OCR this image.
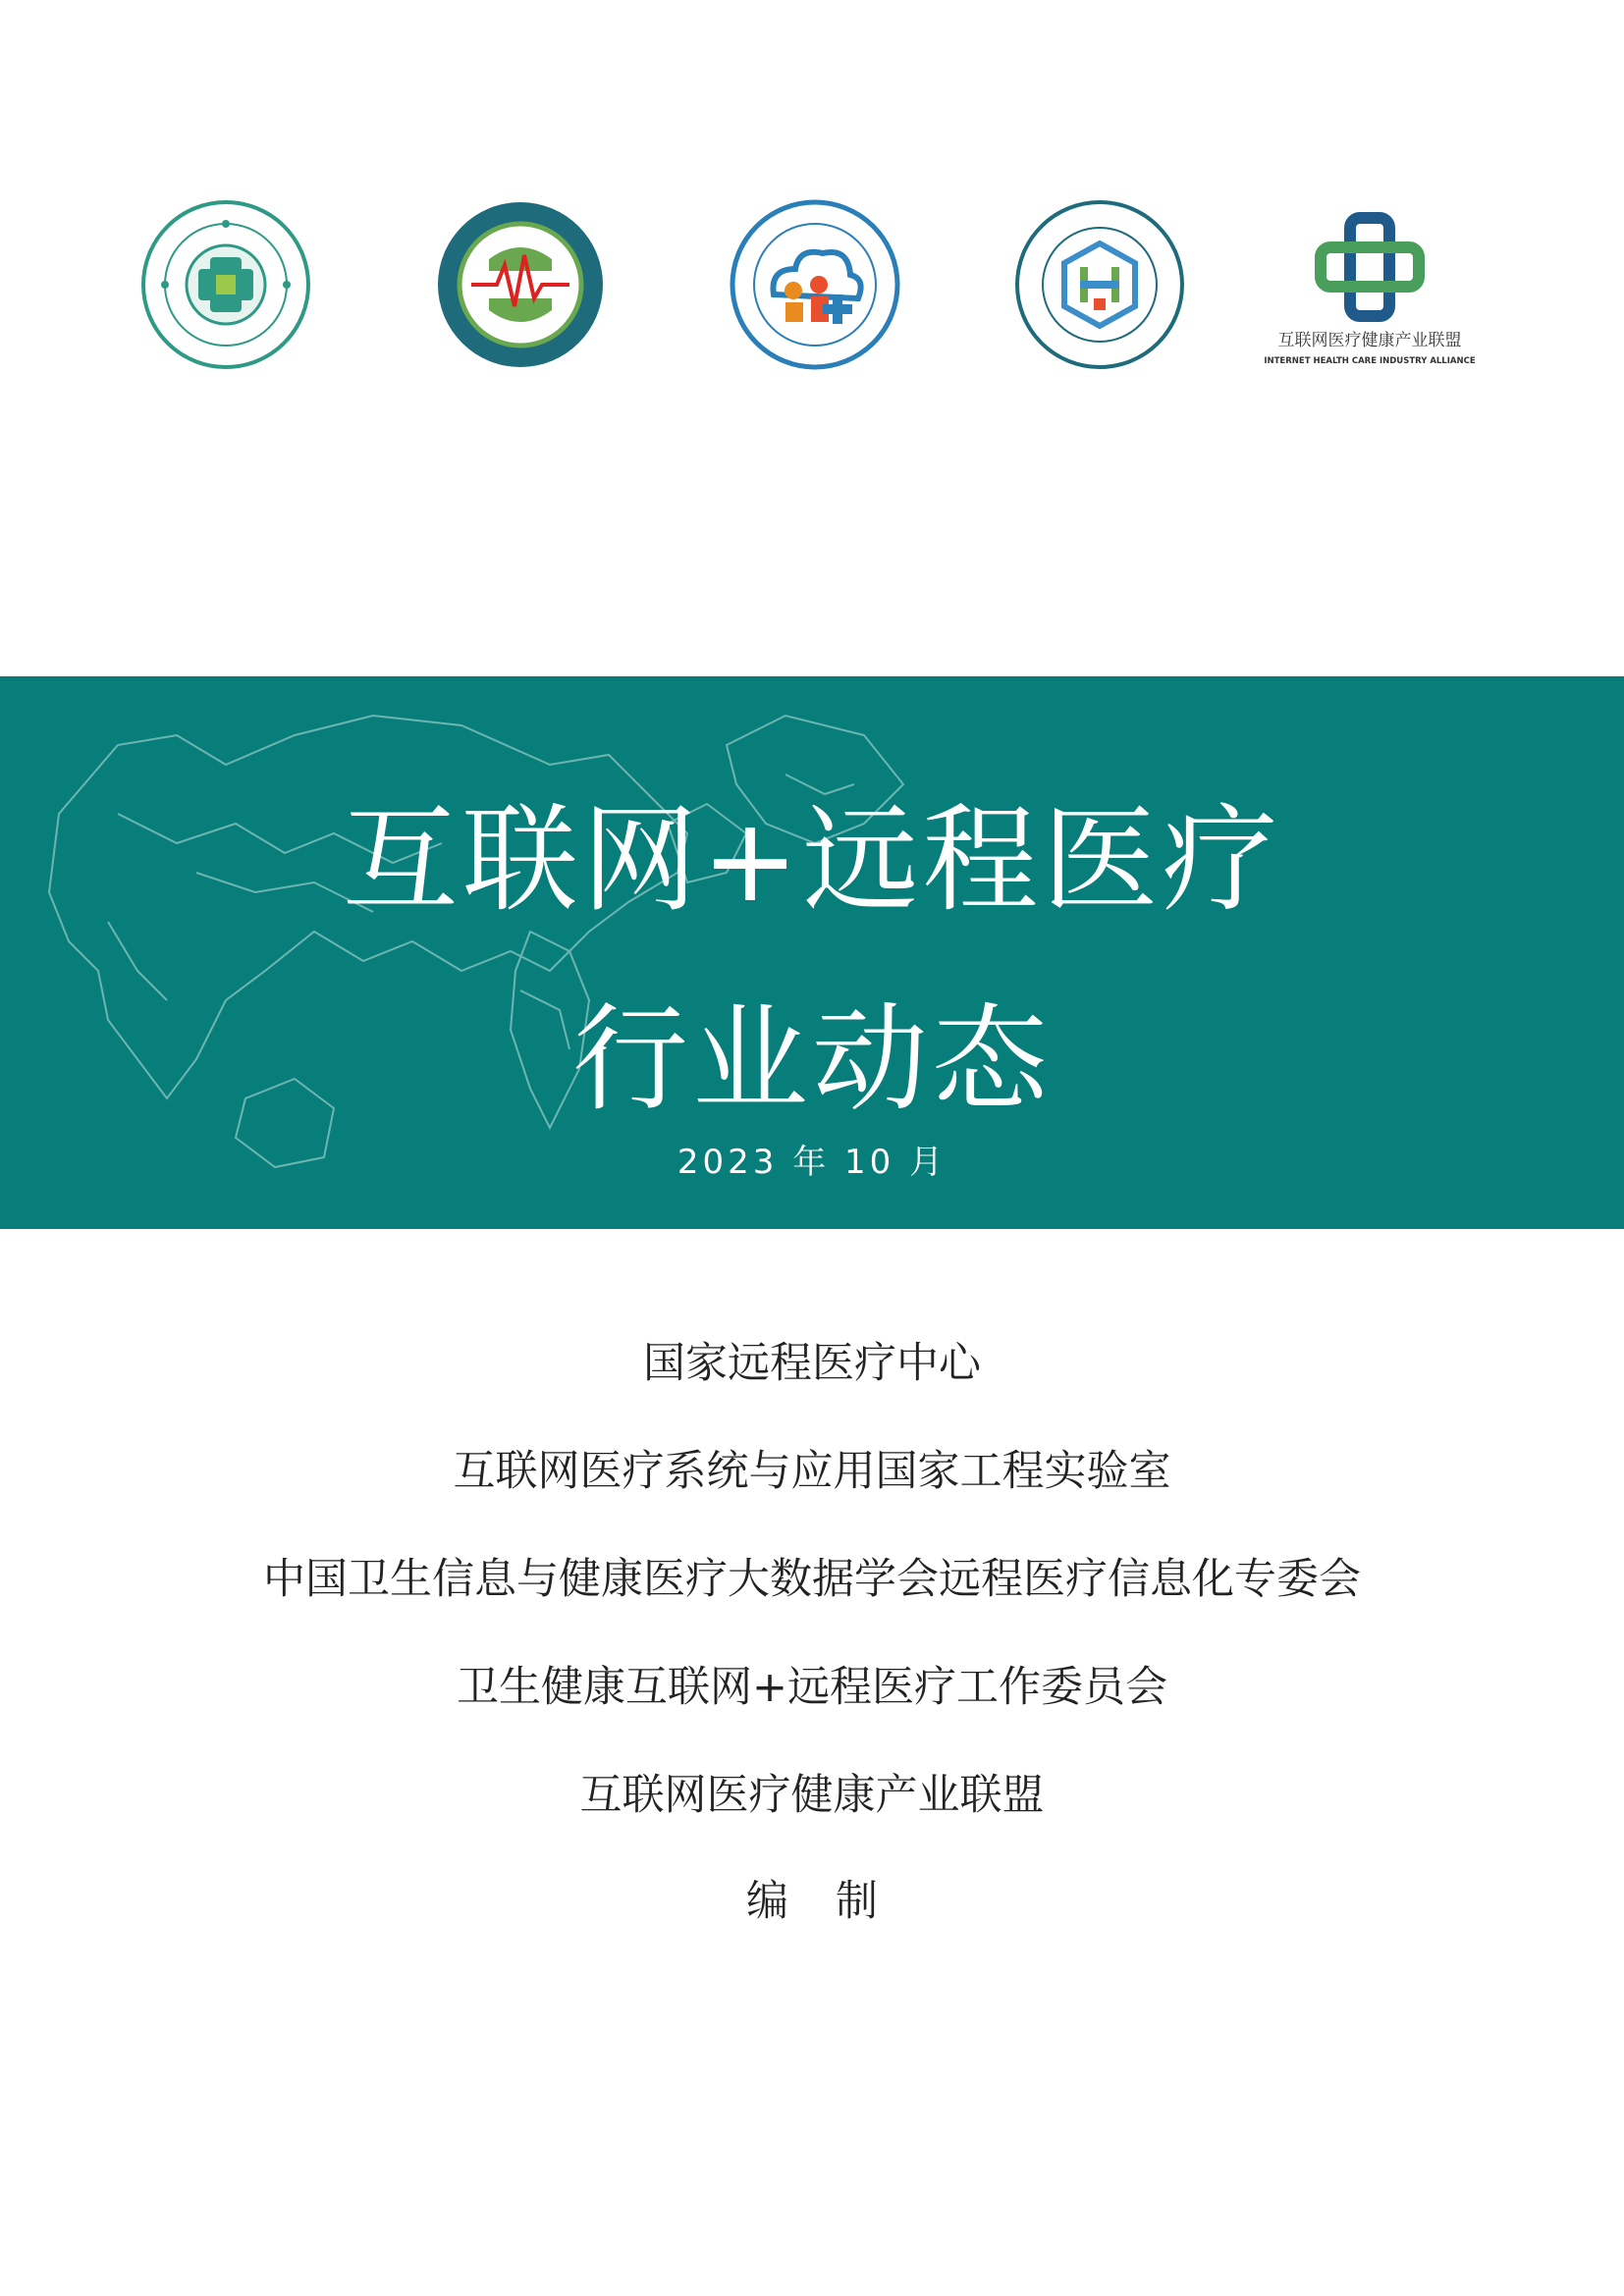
互联网医疗健康产业联盟
INTERNET HEALTH CARE INDUSTRY ALLIANCE
互联网+远程医疗
行业动态
2023 年 10 月
国家远程医疗中心
互联网医疗系统与应用国家工程实验室
中国卫生信息与健康医疗大数据学会远程医疗信息化专委会
卫生健康互联网+远程医疗工作委员会
互联网医疗健康产业联盟
编制
